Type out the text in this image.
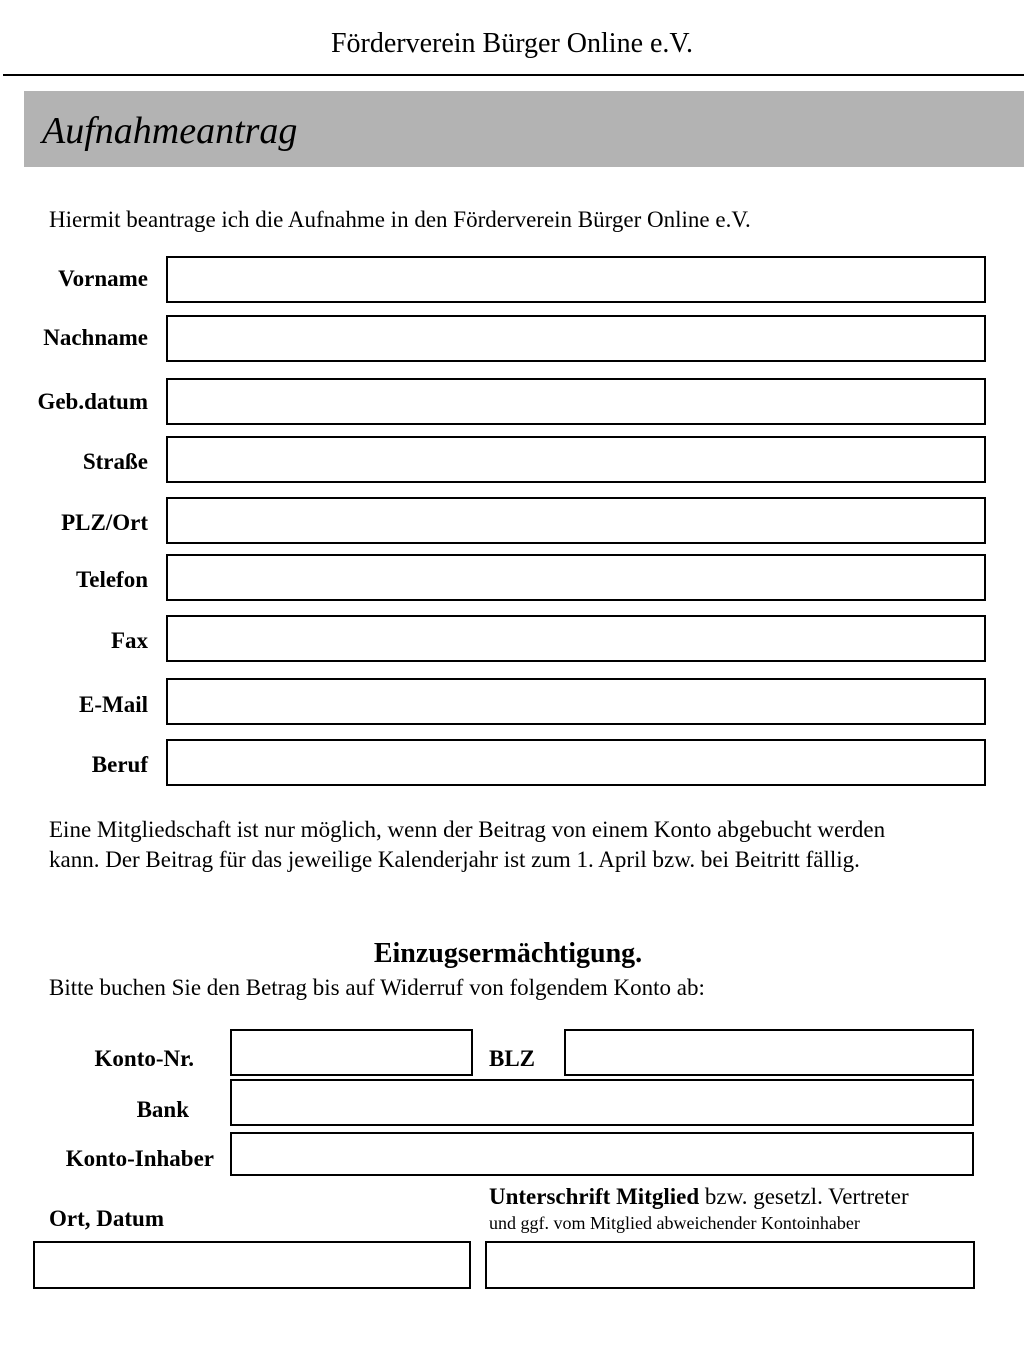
Förderverein Bürger Online e.V.
Aufnahmeantrag
Hiermit beantrage ich die Aufnahme in den Förderverein Bürger Online e.V.
Vorname
Nachname
Geb.datum
Straße
PLZ/Ort
Telefon
Fax
E-Mail
Beruf
Eine Mitgliedschaft ist nur möglich, wenn der Beitrag von einem Konto abgebucht werden
kann. Der Beitrag für das jeweilige Kalenderjahr ist zum 1. April bzw. bei Beitritt fällig.
Einzugsermächtigung.
Bitte buchen Sie den Betrag bis auf Widerruf von folgendem Konto ab:
Konto-Nr.	BLZ
Bank
Konto-Inhaber
Ort, Datum
Unterschrift Mitglied bzw. gesetzl. Vertreter
und ggf. vom Mitglied abweichender Kontoinhaber
